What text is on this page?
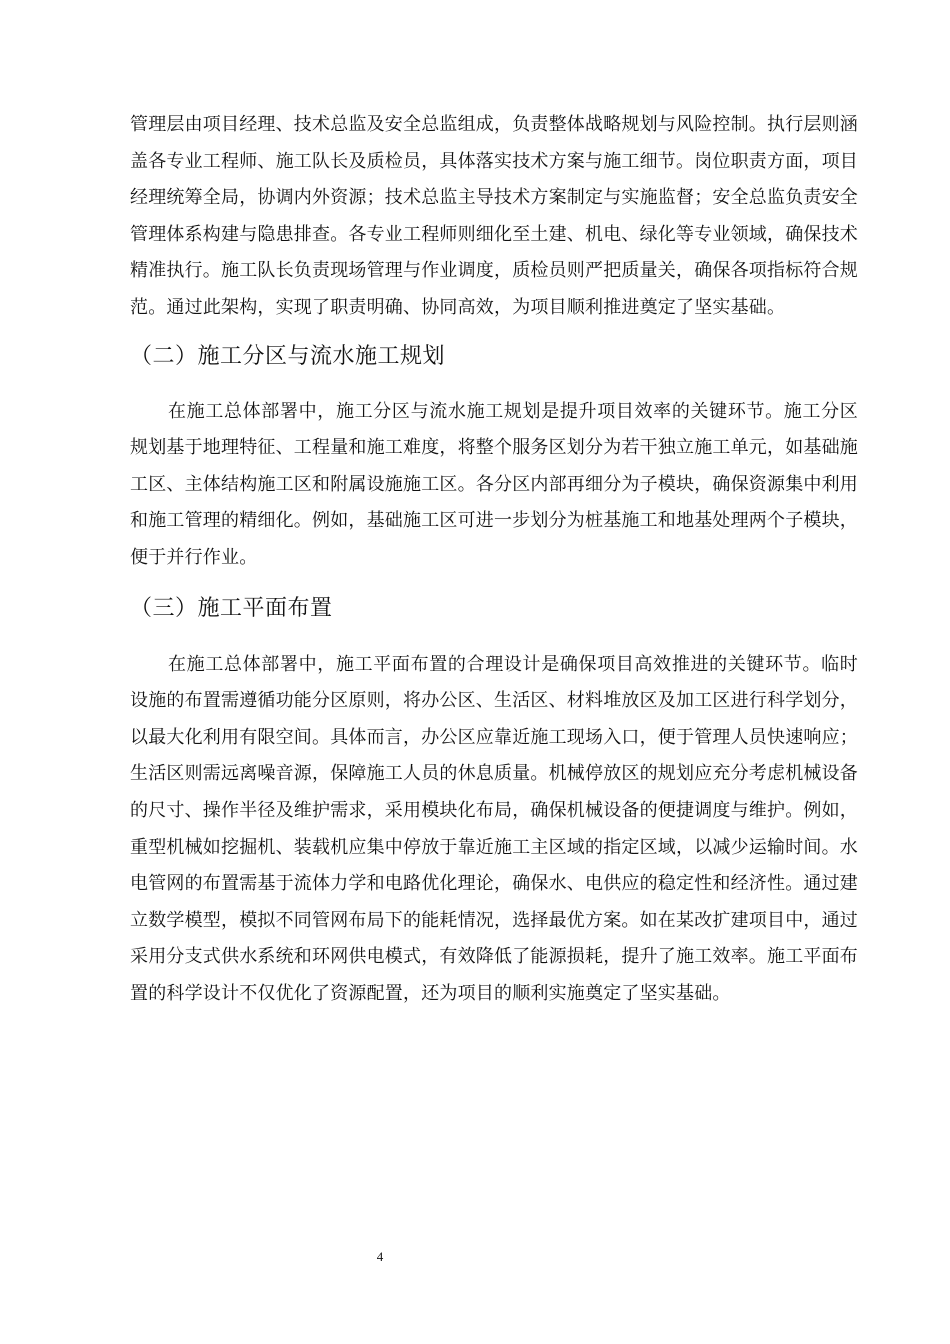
管理层由项目经理、技术总监及安全总监组成，负责整体战略规划与风险控制。执行层则涵盖各专业工程师、施工队长及质检员，具体落实技术方案与施工细节。岗位职责方面，项目经理统筹全局，协调内外资源；技术总监主导技术方案制定与实施监督；安全总监负责安全管理体系构建与隐患排查。各专业工程师则细化至土建、机电、绿化等专业领域，确保技术精准执行。施工队长负责现场管理与作业调度，质检员则严把质量关，确保各项指标符合规范。通过此架构，实现了职责明确、协同高效，为项目顺利推进奠定了坚实基础。

（二）施工分区与流水施工规划

在施工总体部署中，施工分区与流水施工规划是提升项目效率的关键环节。施工分区规划基于地理特征、工程量和施工难度，将整个服务区划分为若干独立施工单元，如基础施工区、主体结构施工区和附属设施施工区。各分区内部再细分为子模块，确保资源集中利用和施工管理的精细化。例如，基础施工区可进一步划分为桩基施工和地基处理两个子模块，便于并行作业。

（三）施工平面布置

在施工总体部署中，施工平面布置的合理设计是确保项目高效推进的关键环节。临时设施的布置需遵循功能分区原则，将办公区、生活区、材料堆放区及加工区进行科学划分，以最大化利用有限空间。具体而言，办公区应靠近施工现场入口，便于管理人员快速响应；生活区则需远离噪音源，保障施工人员的休息质量。机械停放区的规划应充分考虑机械设备的尺寸、操作半径及维护需求，采用模块化布局，确保机械设备的便捷调度与维护。例如，重型机械如挖掘机、装载机应集中停放于靠近施工主区域的指定区域，以减少运输时间。水电管网的布置需基于流体力学和电路优化理论，确保水、电供应的稳定性和经济性。通过建立数学模型，模拟不同管网布局下的能耗情况，选择最优方案。如在某改扩建项目中，通过采用分支式供水系统和环网供电模式，有效降低了能源损耗，提升了施工效率。施工平面布置的科学设计不仅优化了资源配置，还为项目的顺利实施奠定了坚实基础。

4
